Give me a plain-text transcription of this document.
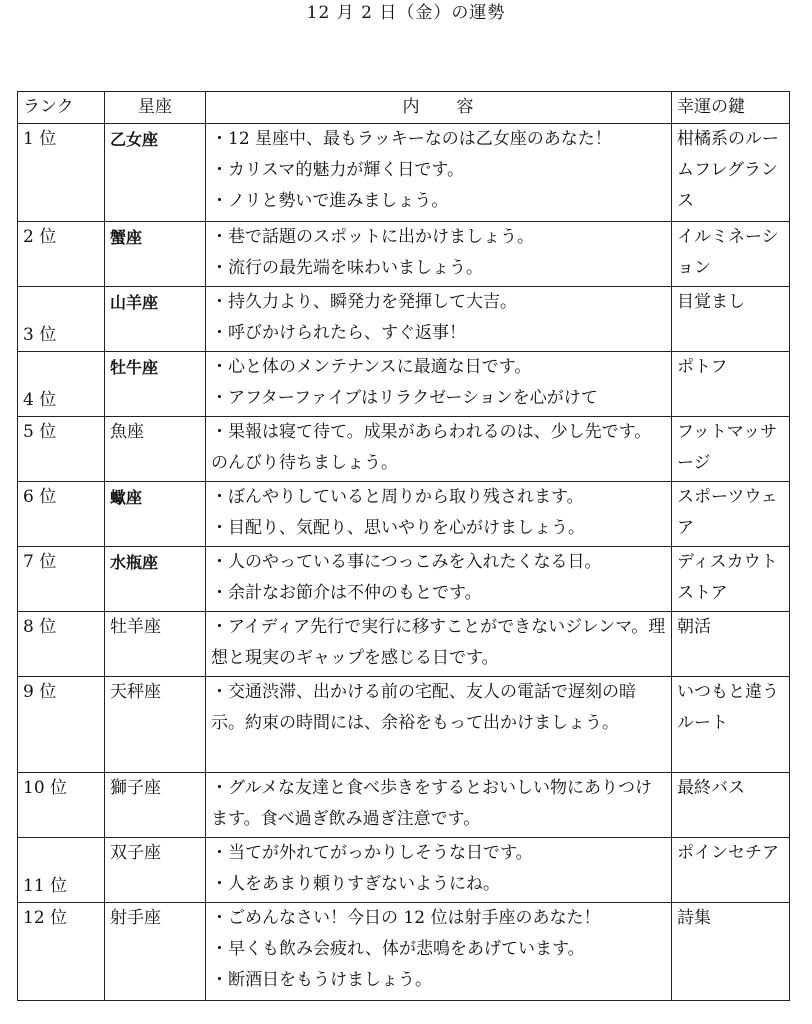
12 月 2 日（金）の運勢
ランク	星座	内　　容	幸運の鍵
1 位	乙女座	・12 星座中、最もラッキーなのは乙女座のあなた！
・カリスマ的魅力が輝く日です。
・ノリと勢いで進みましょう。	柑橘系のルームフレグランス
2 位	蟹座	・巷で話題のスポットに出かけましょう。
・流行の最先端を味わいましょう。	イルミネーション
3 位	山羊座	・持久力より、瞬発力を発揮して大吉。
・呼びかけられたら、すぐ返事！	目覚まし
4 位	牡牛座	・心と体のメンテナンスに最適な日です。
・アフターファイブはリラクゼーションを心がけて	ポトフ
5 位	魚座	・果報は寝て待て。成果があらわれるのは、少し先です。のんびり待ちましょう。	フットマッサージ
6 位	蠍座	・ぼんやりしていると周りから取り残されます。
・目配り、気配り、思いやりを心がけましょう。	スポーツウェア
7 位	水瓶座	・人のやっている事につっこみを入れたくなる日。
・余計なお節介は不仲のもとです。	ディスカウトストア
8 位	牡羊座	・アイディア先行で実行に移すことができないジレンマ。理想と現実のギャップを感じる日です。	朝活
9 位	天秤座	・交通渋滞、出かける前の宅配、友人の電話で遅刻の暗示。約束の時間には、余裕をもって出かけましょう。	いつもと違うルート
10 位	獅子座	・グルメな友達と食べ歩きをするとおいしい物にありつけます。食べ過ぎ飲み過ぎ注意です。	最終バス
11 位	双子座	・当てが外れてがっかりしそうな日です。
・人をあまり頼りすぎないようにね。	ポインセチア
12 位	射手座	・ごめんなさい！今日の 12 位は射手座のあなた！
・早くも飲み会疲れ、体が悲鳴をあげています。
・断酒日をもうけましょう。	詩集
